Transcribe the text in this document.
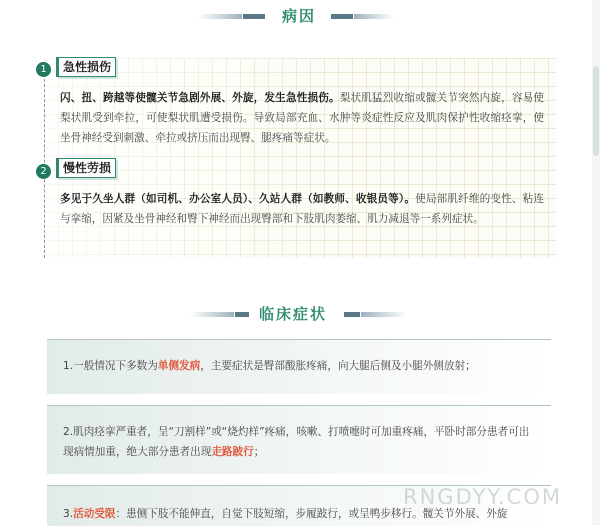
病因
1	急性损伤
闪、扭、跨越等使髋关节急剧外展、外旋，发生急性损伤。梨状肌猛烈收缩或髋关节突然内旋，容易使梨状肌受到牵拉，可使梨状肌遭受损伤。导致局部充血、水肿等炎症性反应及肌肉保护性收缩痉挛，使坐骨神经受到刺激、牵拉或挤压而出现臀、腿疼痛等症状。
2	慢性劳损
多见于久坐人群（如司机、办公室人员）、久站人群（如教师、收银员等）。使局部肌纤维的变性、粘连与挛缩，因紧及坐骨神经和臀下神经而出现臀部和下肢肌肉萎缩、肌力减退等一系列症状。
临床症状
1.一般情况下多数为单侧发病，主要症状是臀部酸胀疼痛，向大腿后侧及小腿外侧放射；
2.肌肉痉挛严重者，呈“刀割样”或“烧灼样”疼痛，咳嗽、打喷嚏时可加重疼痛，平卧时部分患者可出现病情加重，绝大部分患者出现走路跛行；
3.活动受限：患侧下肢不能伸直，自觉下肢短缩，步履跛行，或呈鸭步移行。髋关节外展、外旋
RNGDYY.COM
